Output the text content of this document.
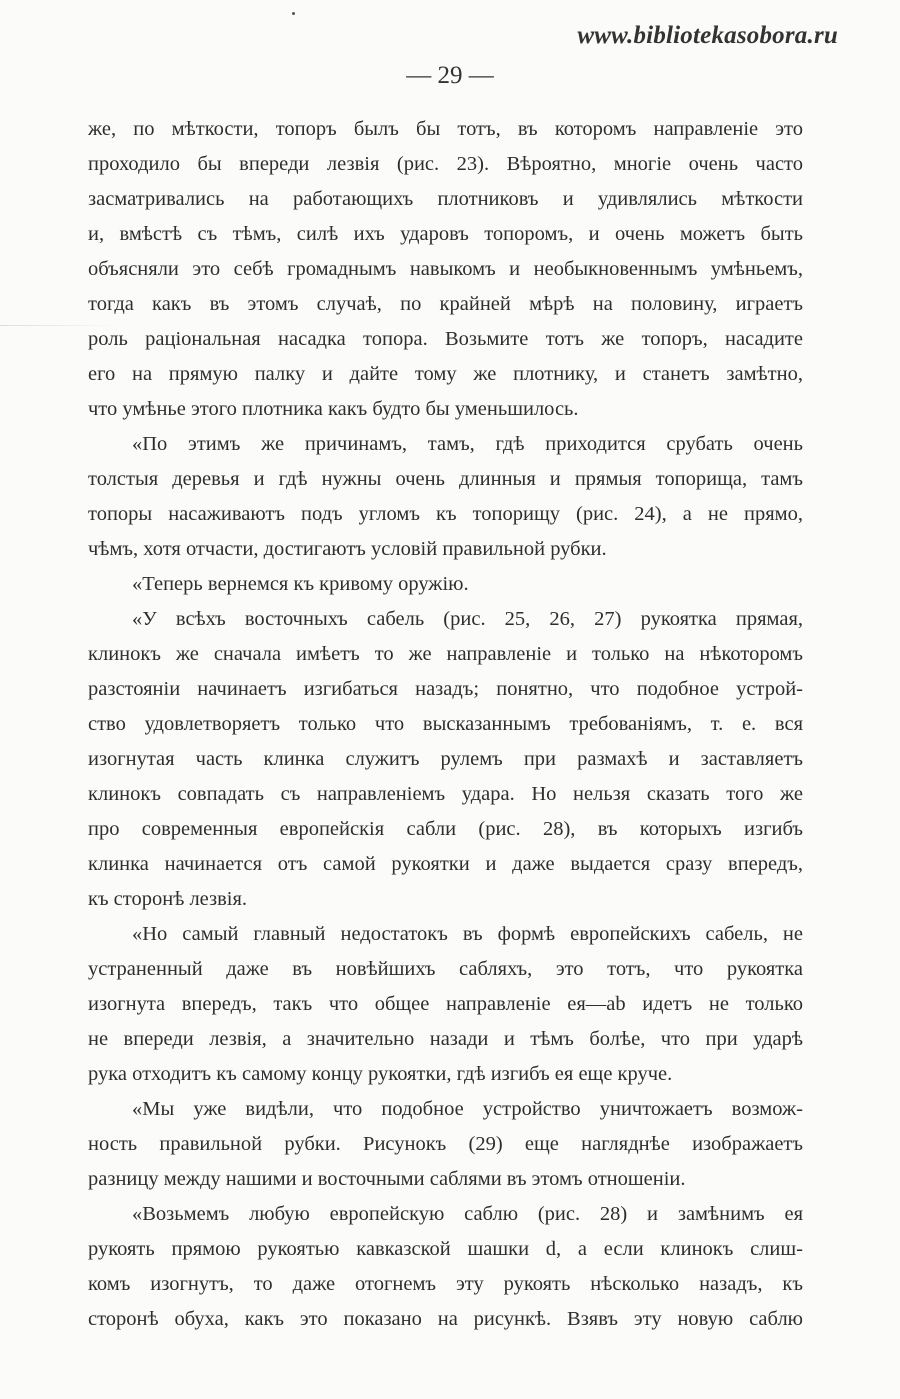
www.bibliotekasobora.ru
— 29 —
же, по мѣткости, топоръ былъ бы тотъ, въ которомъ направленіе это
проходило бы впереди лезвія (рис. 23). Вѣроятно, многіе очень часто
засматривались на работающихъ плотниковъ и удивлялись мѣткости
и, вмѣстѣ съ тѣмъ, силѣ ихъ ударовъ топоромъ, и очень можетъ быть
объясняли это себѣ громаднымъ навыкомъ и необыкновеннымъ умѣньемъ,
тогда какъ въ этомъ случаѣ, по крайней мѣрѣ на половину, играетъ
роль раціональная насадка топора. Возьмите тотъ же топоръ, насадите
его на прямую палку и дайте тому же плотнику, и станетъ замѣтно,
что умѣнье этого плотника какъ будто бы уменьшилось.
«По этимъ же причинамъ, тамъ, гдѣ приходится срубать очень
толстыя деревья и гдѣ нужны очень длинныя и прямыя топорища, тамъ
топоры насаживаютъ подъ угломъ къ топорищу (рис. 24), а не прямо,
чѣмъ, хотя отчасти, достигаютъ условій правильной рубки.
«Теперь вернемся къ кривому оружію.
«У всѣхъ восточныхъ сабель (рис. 25, 26, 27) рукоятка прямая,
клинокъ же сначала имѣетъ то же направленіе и только на нѣкоторомъ
разстояніи начинаетъ изгибаться назадъ; понятно, что подобное устрой-
ство удовлетворяетъ только что высказаннымъ требованіямъ, т. е. вся
изогнутая часть клинка служитъ рулемъ при размахѣ и заставляетъ
клинокъ совпадать съ направленіемъ удара. Но нельзя сказать того же
про современныя европейскія сабли (рис. 28), въ которыхъ изгибъ
клинка начинается отъ самой рукоятки и даже выдается сразу впередъ,
къ сторонѣ лезвія.
«Но самый главный недостатокъ въ формѣ европейскихъ сабель, не
устраненный даже въ новѣйшихъ сабляхъ, это тотъ, что рукоятка
изогнута впередъ, такъ что общее направленіе ея—ab идетъ не только
не впереди лезвія, а значительно назади и тѣмъ болѣе, что при ударѣ
рука отходитъ къ самому концу рукоятки, гдѣ изгибъ ея еще круче.
«Мы уже видѣли, что подобное устройство уничтожаетъ возмож-
ность правильной рубки. Рисунокъ (29) еще нагляднѣе изображаетъ
разницу между нашими и восточными саблями въ этомъ отношеніи.
«Возьмемъ любую европейскую саблю (рис. 28) и замѣнимъ ея
рукоять прямою рукоятью кавказской шашки d, а если клинокъ слиш-
комъ изогнутъ, то даже отогнемъ эту рукоять нѣсколько назадъ, къ
сторонѣ обуха, какъ это показано на рисункѣ. Взявъ эту новую саблю
